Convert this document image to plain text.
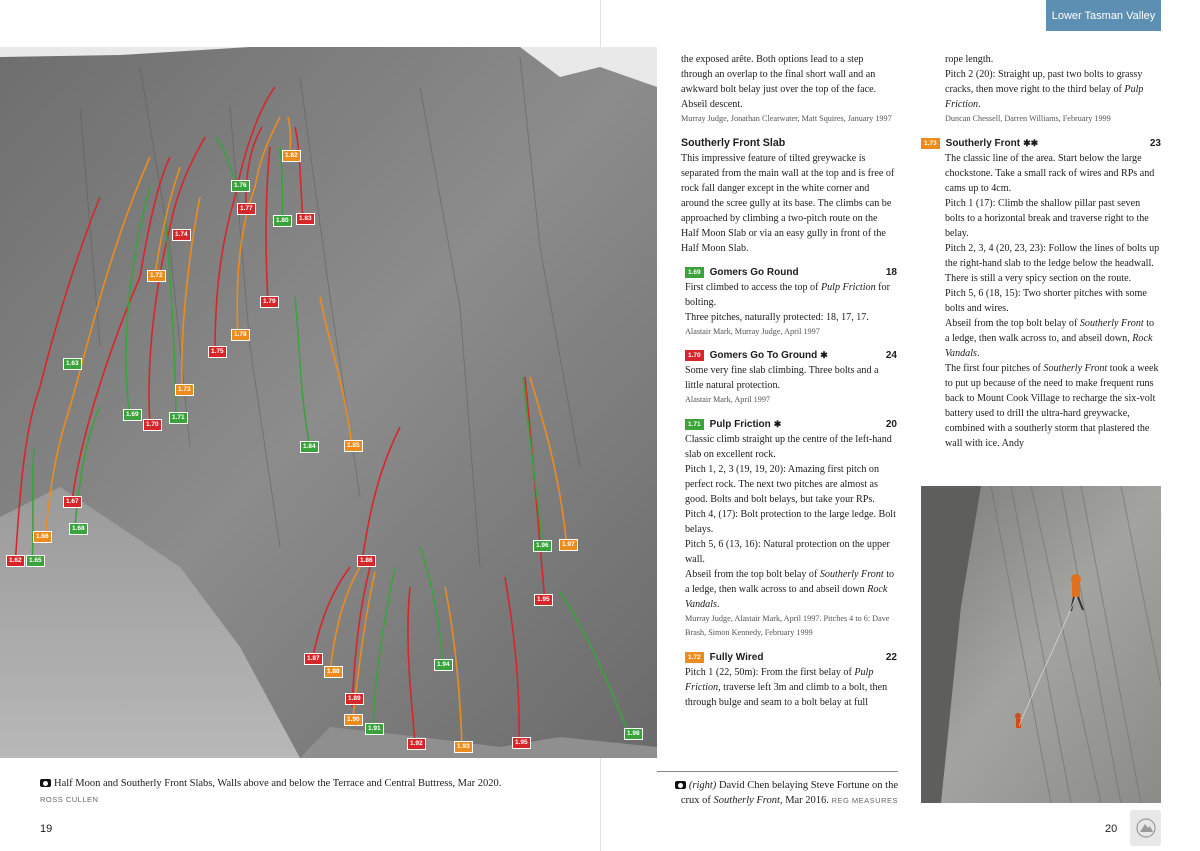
Lower Tasman Valley
1.82
1.76
1.77
1.80	1.83
1.74
1.72
1.79
1.78
1.75
1.63
1.73
1.69	1.71
1.70
1.84	1.85
1.67
1.68
1.66
1.62	1.65	1.86
1.96	1.97
1.95
1.87
1.88
1.94
1.89
1.90
1.91
1.92	1.93
1.95
1.98
Half Moon and Southerly Front Slabs, Walls above and below the Terrace and Central Buttress, Mar 2020.
ROSS CULLEN
19

the exposed arête. Both options lead to a step through an overlap to the final short wall and an awkward bolt belay just over the top of the face. Abseil descent.

Murray Judge, Jonathan Clearwater, Matt Squires, January 1997

Southerly Front Slab

This impressive feature of tilted greywacke is separated from the main wall at the top and is free of rock fall danger except in the white corner and around the scree gully at its base. The climbs can be approached by climbing a two-pitch route on the Half Moon Slab or via an easy gully in front of the Half Moon Slab.

1.69 Gomers Go Round	18

First climbed to access the top of Pulp Friction for bolting.

Three pitches, naturally protected: 18, 17, 17.

Alastair Mark, Murray Judge, April 1997

1.70 Gomers Go To Ground ✱	24

Some very fine slab climbing. Three bolts and a little natural protection.

Alastair Mark, April 1997

1.71 Pulp Friction ✱	20

Classic climb straight up the centre of the left-hand slab on excellent rock.

Pitch 1, 2, 3 (19, 19, 20): Amazing first pitch on perfect rock. The next two pitches are almost as good. Bolts and bolt belays, but take your RPs.

Pitch 4, (17): Bolt protection to the large ledge. Bolt belays.

Pitch 5, 6 (13, 16): Natural protection on the upper wall.

Abseil from the top bolt belay of Southerly Front to a ledge, then walk across to and abseil down Rock Vandals.

Murray Judge, Alastair Mark, April 1997. Pitches 4 to 6: Dave Brash, Simon Kennedy, February 1999

1.72 Fully Wired	22

Pitch 1 (22, 50m): From the first belay of Pulp Friction, traverse left 3m and climb to a bolt, then through bulge and seam to a bolt belay at full

rope length.

Pitch 2 (20): Straight up, past two bolts to grassy cracks, then move right to the third belay of Pulp Friction.

Duncan Chessell, Darren Williams, February 1999

1.73 Southerly Front ✱✱	23

The classic line of the area. Start below the large chockstone. Take a small rack of wires and RPs and cams up to 4cm.

Pitch 1 (17): Climb the shallow pillar past seven bolts to a horizontal break and traverse right to the belay.

Pitch 2, 3, 4 (20, 23, 23): Follow the lines of bolts up the right-hand slab to the ledge below the headwall. There is still a very spicy section on the route.

Pitch 5, 6 (18, 15): Two shorter pitches with some bolts and wires.

Abseil from the top bolt belay of Southerly Front to a ledge, then walk across to, and abseil down, Rock Vandals.

The first four pitches of Southerly Front took a week to put up because of the need to make frequent runs back to Mount Cook Village to recharge the six-volt battery used to drill the ultra-hard greywacke, combined with a southerly storm that plastered the wall with ice. Andy

(right) David Chen belaying Steve Fortune on the crux of Southerly Front, Mar 2016. REG MEASURES
20
